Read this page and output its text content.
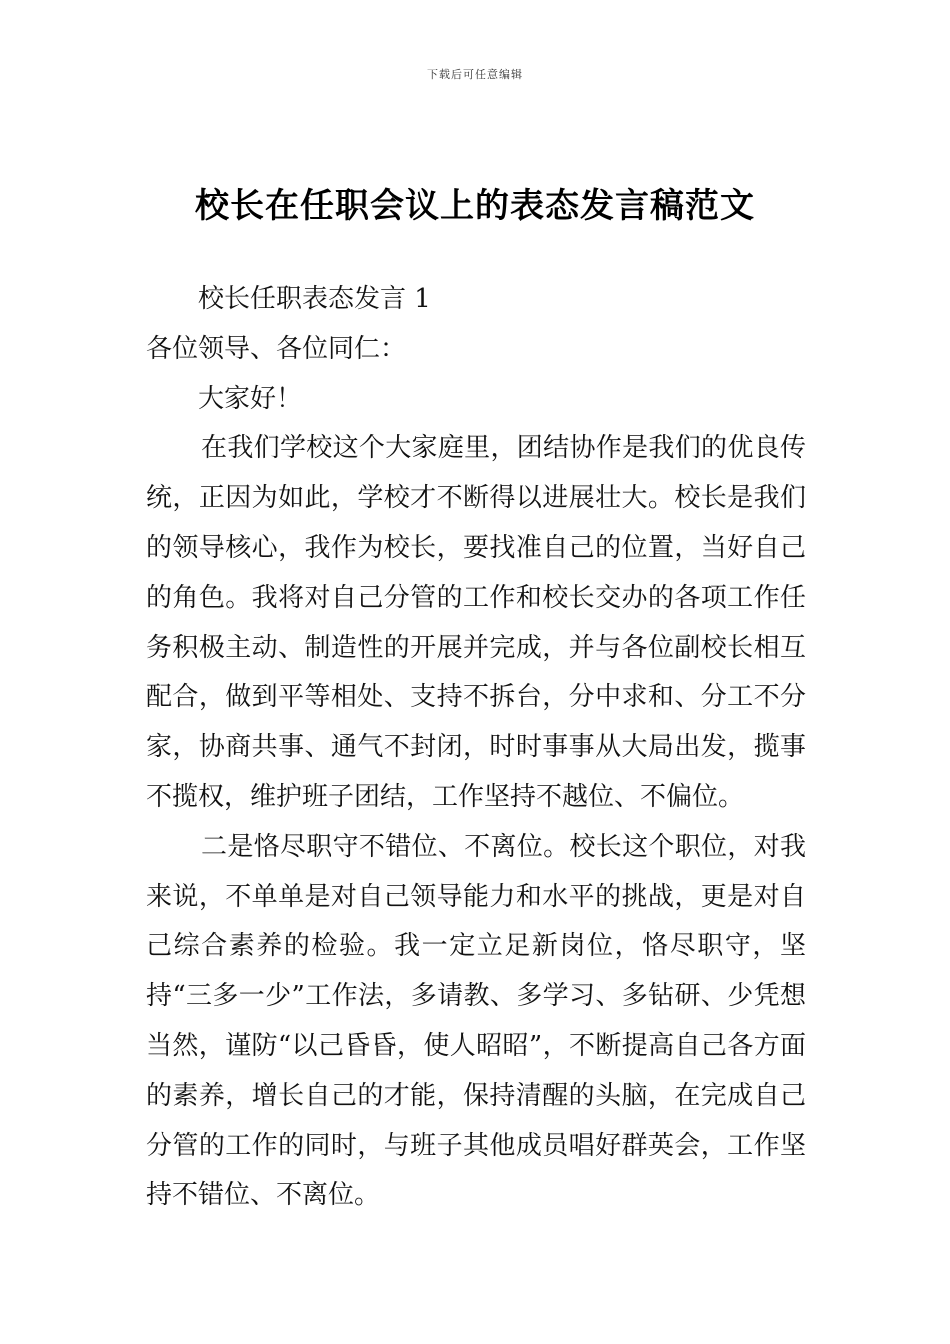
下载后可任意编辑
校长在任职会议上的表态发言稿范文

校长任职表态发言 1

各位领导、各位同仁：

大家好！

在我们学校这个大家庭里，团结协作是我们的优良传统，正因为如此，学校才不断得以进展壮大。校长是我们的领导核心，我作为校长，要找准自己的位置，当好自己的角色。我将对自己分管的工作和校长交办的各项工作任务积极主动、制造性的开展并完成，并与各位副校长相互配合，做到平等相处、支持不拆台，分中求和、分工不分家，协商共事、通气不封闭，时时事事从大局出发，揽事不揽权，维护班子团结，工作坚持不越位、不偏位。

二是恪尽职守不错位、不离位。校长这个职位，对我来说，不单单是对自己领导能力和水平的挑战，更是对自己综合素养的检验。我一定立足新岗位，恪尽职守，坚持“三多一少”工作法，多请教、多学习、多钻研、少凭想当然，谨防“以己昏昏，使人昭昭”，不断提高自己各方面的素养，增长自己的才能，保持清醒的头脑，在完成自己分管的工作的同时，与班子其他成员唱好群英会，工作坚持不错位、不离位。
